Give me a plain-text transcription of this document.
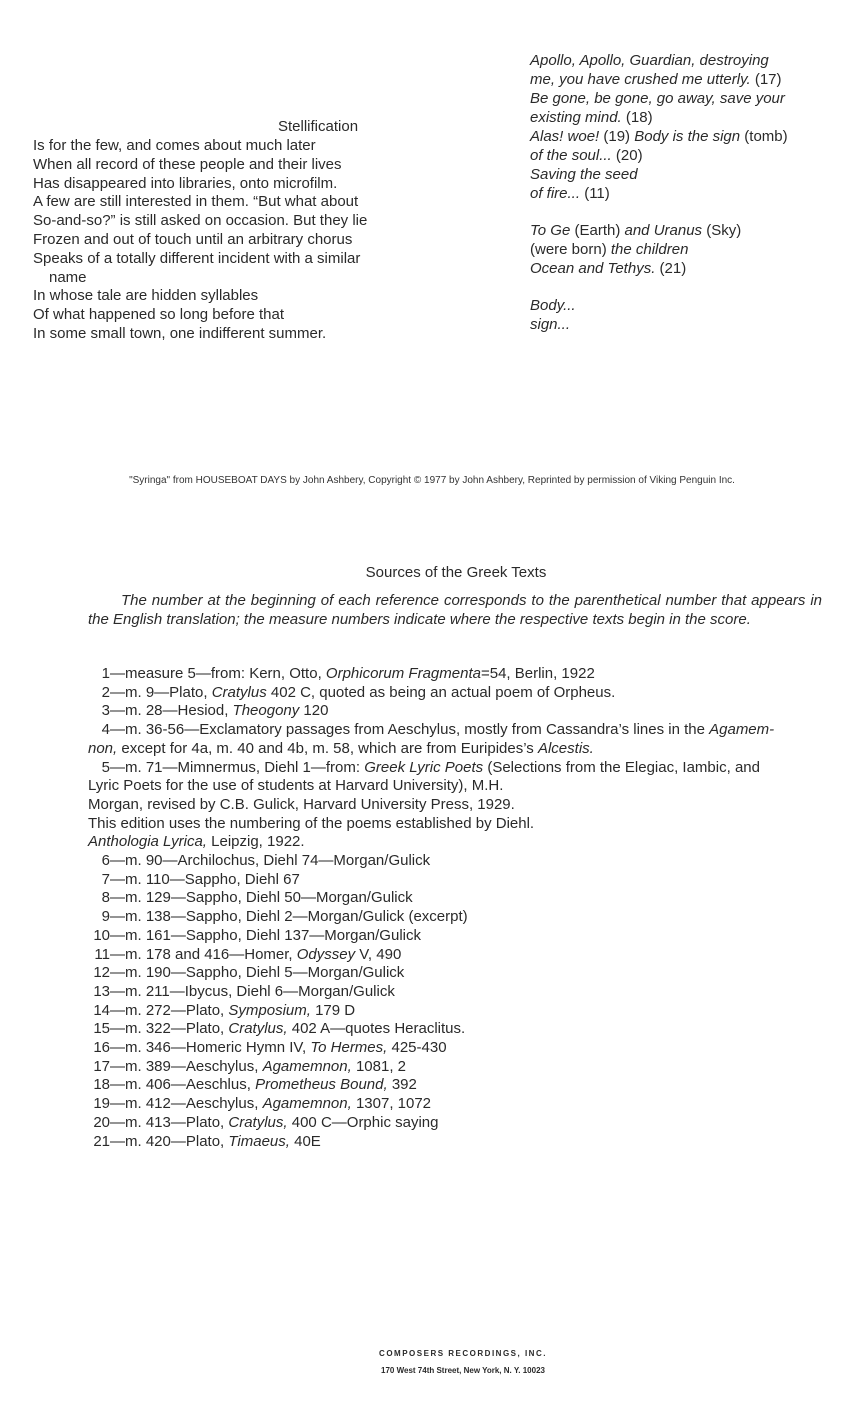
Stellification
Is for the few, and comes about much later
When all record of these people and their lives
Has disappeared into libraries, onto microfilm.
A few are still interested in them. “But what about
So-and-so?” is still asked on occasion. But they lie
Frozen and out of touch until an arbitrary chorus
Speaks of a totally different incident with a similar
name
In whose tale are hidden syllables
Of what happened so long before that
In some small town, one indifferent summer.
Apollo, Apollo, Guardian, destroying
me, you have crushed me utterly. (17)
Be gone, be gone, go away, save your
existing mind. (18)
Alas! woe! (19) Body is the sign (tomb)
of the soul... (20)
Saving the seed
of fire... (11)
To Ge (Earth) and Uranus (Sky)
(were born) the children
Ocean and Tethys. (21)
Body...
sign...
"Syringa" from HOUSEBOAT DAYS by John Ashbery, Copyright © 1977 by John Ashbery, Reprinted by permission of Viking Penguin Inc.
Sources of the Greek Texts
The number at the beginning of each reference corresponds to the parenthetical number that appears in the English translation; the measure numbers indicate where the respective texts begin in the score.
1 —measure 5—from: Kern, Otto, Orphicorum Fragmenta=54, Berlin, 1922
2 —m. 9—Plato, Cratylus 402 C, quoted as being an actual poem of Orpheus.
3 —m. 28—Hesiod, Theogony 120
4 —m. 36-56—Exclamatory passages from Aeschylus, mostly from Cassandra’s lines in the Agamem-
non, except for 4a, m. 40 and 4b, m. 58, which are from Euripides’s Alcestis.
5 —m. 71—Mimnermus, Diehl 1—from: Greek Lyric Poets (Selections from the Elegiac, Iambic, and
Lyric Poets for the use of students at Harvard University), M.H.
Morgan, revised by C.B. Gulick, Harvard University Press, 1929.
This edition uses the numbering of the poems established by Diehl.
Anthologia Lyrica, Leipzig, 1922.
6 —m. 90—Archilochus, Diehl 74—Morgan/Gulick
7 —m. 110—Sappho, Diehl 67
8 —m. 129—Sappho, Diehl 50—Morgan/Gulick
9 —m. 138—Sappho, Diehl 2—Morgan/Gulick (excerpt)
10 —m. 161—Sappho, Diehl 137—Morgan/Gulick
11 —m. 178 and 416—Homer, Odyssey V, 490
12 —m. 190—Sappho, Diehl 5—Morgan/Gulick
13 —m. 211—Ibycus, Diehl 6—Morgan/Gulick
14 —m. 272—Plato, Symposium, 179 D
15 —m. 322—Plato, Cratylus, 402 A—quotes Heraclitus.
16 —m. 346—Homeric Hymn IV, To Hermes, 425-430
17 —m. 389—Aeschylus, Agamemnon, 1081, 2
18 —m. 406—Aeschlus, Prometheus Bound, 392
19 —m. 412—Aeschylus, Agamemnon, 1307, 1072
20 —m. 413—Plato, Cratylus, 400 C—Orphic saying
21 —m. 420—Plato, Timaeus, 40E
COMPOSERS RECORDINGS, INC.
170 West 74th Street, New York, N. Y. 10023
